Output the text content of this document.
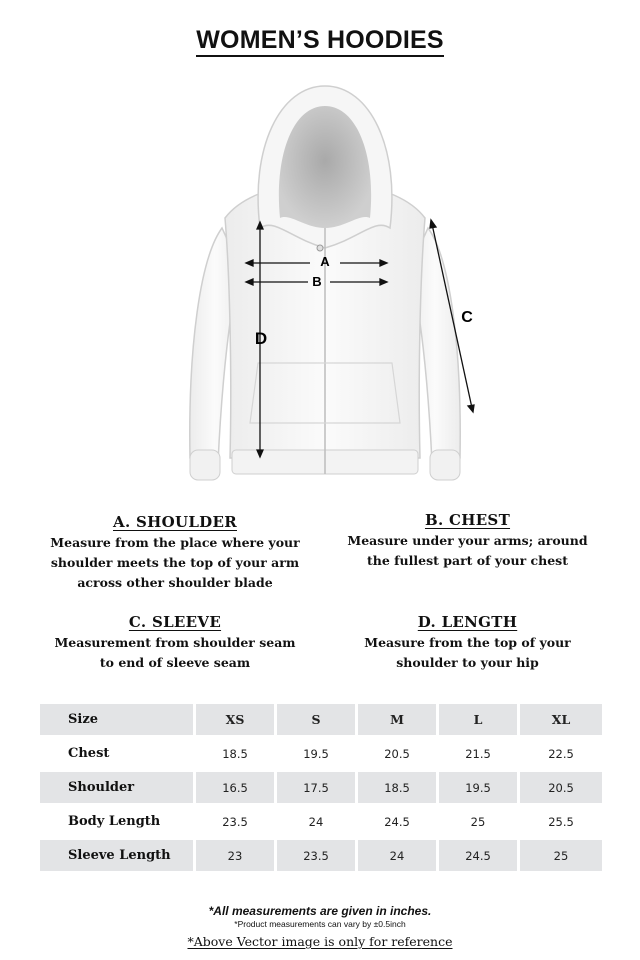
WOMEN’S HOODIES
A
B
C
D
A. SHOULDER
Measure from the place where your
shoulder meets the top of your arm
across other shoulder blade
B. CHEST
Measure under your arms; around
the fullest part of your chest
C. SLEEVE
Measurement from shoulder seam
to end of sleeve seam
D. LENGTH
Measure from the top of your
shoulder to your hip
Size	XS	S	M	L	XL
Chest	18.5	19.5	20.5	21.5	22.5
Shoulder	16.5	17.5	18.5	19.5	20.5
Body Length	23.5	24	24.5	25	25.5
Sleeve Length	23	23.5	24	24.5	25
*All measurements are given in inches.
*Product measurements can vary by ±0.5inch
*Above Vector image is only for reference
